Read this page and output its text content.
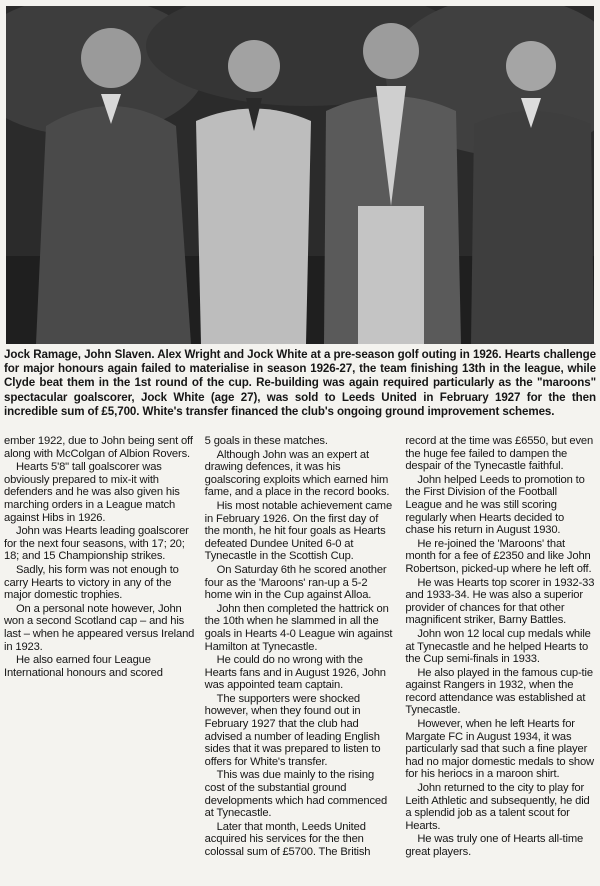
Jock Ramage, John Slaven. Alex Wright and Jock White at a pre-season golf outing in 1926. Hearts challenge for major honours again failed to materialise in season 1926-27, the team finishing 13th in the league, while Clyde beat them in the 1st round of the cup. Re-building was again required particularly as the "maroons" spectacular goalscorer, Jock White (age 27), was sold to Leeds United in February 1927 for the then incredible sum of £5,700. White's transfer financed the club's ongoing ground improvement schemes.

ember 1922, due to John being sent off along with McColgan of Albion Rovers.

Hearts 5'8" tall goalscorer was obviously prepared to mix-it with defenders and he was also given his marching orders in a League match against Hibs in 1926.

John was Hearts leading goalscorer for the next four seasons, with 17; 20; 18; and 15 Championship strikes.

Sadly, his form was not enough to carry Hearts to victory in any of the major domestic trophies.

On a personal note however, John won a second Scotland cap – and his last – when he appeared versus Ireland in 1923.

He also earned four League International honours and scored

5 goals in these matches.

Although John was an expert at drawing defences, it was his goalscoring exploits which earned him fame, and a place in the record books.

His most notable achievement came in February 1926. On the first day of the month, he hit four goals as Hearts defeated Dundee United 6-0 at Tynecastle in the Scottish Cup.

On Saturday 6th he scored another four as the 'Maroons' ran-up a 5-2 home win in the Cup against Alloa.

John then completed the hattrick on the 10th when he slammed in all the goals in Hearts 4-0 League win against Hamilton at Tynecastle.

He could do no wrong with the Hearts fans and in August 1926, John was appointed team captain.

The supporters were shocked however, when they found out in February 1927 that the club had advised a number of leading English sides that it was prepared to listen to offers for White's transfer.

This was due mainly to the rising cost of the substantial ground developments which had commenced at Tynecastle.

Later that month, Leeds United acquired his services for the then colossal sum of £5700. The British

record at the time was £6550, but even the huge fee failed to dampen the despair of the Tynecastle faithful.

John helped Leeds to promotion to the First Division of the Football League and he was still scoring regularly when Hearts decided to chase his return in August 1930.

He re-joined the 'Maroons' that month for a fee of £2350 and like John Robertson, picked-up where he left off.

He was Hearts top scorer in 1932-33 and 1933-34. He was also a superior provider of chances for that other magnificent striker, Barny Battles.

John won 12 local cup medals while at Tynecastle and he helped Hearts to the Cup semi-finals in 1933.

He also played in the famous cup-tie against Rangers in 1932, when the record attendance was established at Tynecastle.

However, when he left Hearts for Margate FC in August 1934, it was particularly sad that such a fine player had no major domestic medals to show for his heriocs in a maroon shirt.

John returned to the city to play for Leith Athletic and subsequently, he did a splendid job as a talent scout for Hearts.

He was truly one of Hearts all-time great players.
